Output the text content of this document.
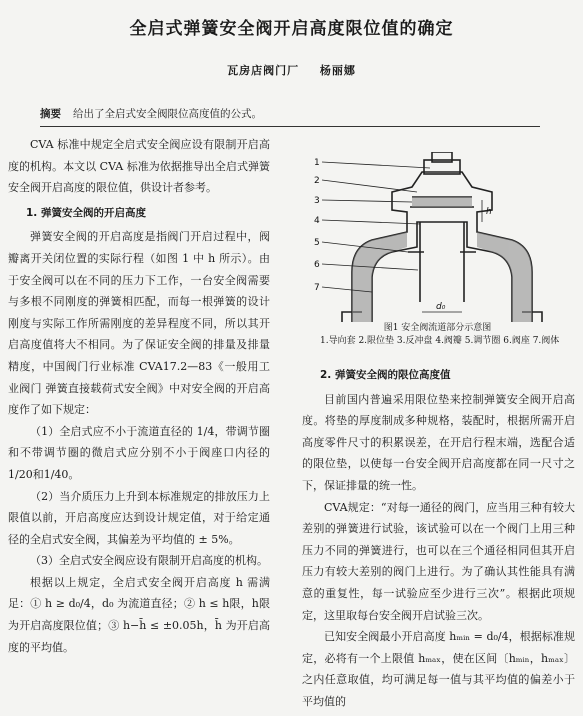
全启式弹簧安全阀开启高度限位值的确定
瓦房店阀门厂 杨丽娜
摘要 给出了全启式安全阀限位高度值的公式。

CVA 标准中规定全启式安全阀应设有限制开启高度的机构。本文以 CVA 标准为依据推导出全启式弹簧安全阀开启高度的限位值，供设计者参考。

1. 弹簧安全阀的开启高度

弹簧安全阀的开启高度是指阀门开启过程中，阀瓣离开关闭位置的实际行程（如图 1 中 h 所示）。由于安全阀可以在不同的压力下工作，一台安全阀需要与多根不同刚度的弹簧相匹配，而每一根弹簧的设计刚度与实际工作所需刚度的差异程度不同，所以其开启高度值将大不相同。为了保证安全阀的排量及排量精度，中国阀门行业标准 CVA17.2—83《一般用工业阀门 弹簧直接载荷式安全阀》中对安全阀的开启高度作了如下规定：

（1）全启式应不小于流道直径的 1/4，带调节圈和不带调节圈的微启式应分别不小于阀座口内径的 1/20和1/40。

（2）当介质压力上升到本标准规定的排放压力上限值以前，开启高度应达到设计规定值，对于给定通径的全启式安全阀，其偏差为平均值的 ± 5%。

（3）全启式安全阀应设有限制开启高度的机构。

根据以上规定，全启式安全阀开启高度 h 需满足：① h ≥ d₀/4，d₀ 为流道直径；② h ≤ h限，h限 为开启高度限位值；③ h−h̄ ≤ ±0.05h，h̄ 为开启高度的平均值。

1
2
3
4
5
6
7
h
d₀
图1 安全阀流道部分示意图
1.导向套 2.限位垫 3.反冲盘 4.阀瓣 5.调节圈 6.阀座 7.阀体
2. 弹簧安全阀的限位高度值

目前国内普遍采用限位垫来控制弹簧安全阀开启高度。将垫的厚度制成多种规格，装配时，根据所需开启高度零件尺寸的积累误差，在开启行程末端，选配合适的限位垫，以使每一台安全阀开启高度都在同一尺寸之下，保证排量的统一性。

CVA规定：“对每一通径的阀门，应当用三种有较大差别的弹簧进行试验，该试验可以在一个阀门上用三种压力不同的弹簧进行，也可以在三个通径相同但其开启压力有较大差别的阀门上进行。为了确认其性能具有满意的重复性，每一试验应至少进行三次”。根据此项规定，这里取每台安全阀开启试验三次。

已知安全阀最小开启高度 hₘᵢₙ = d₀/4，根据标准规定，必将有一个上限值 hₘₐₓ，使在区间〔hₘᵢₙ，hₘₐₓ〕之内任意取值，均可满足每一值与其平均值的偏差小于平均值的
